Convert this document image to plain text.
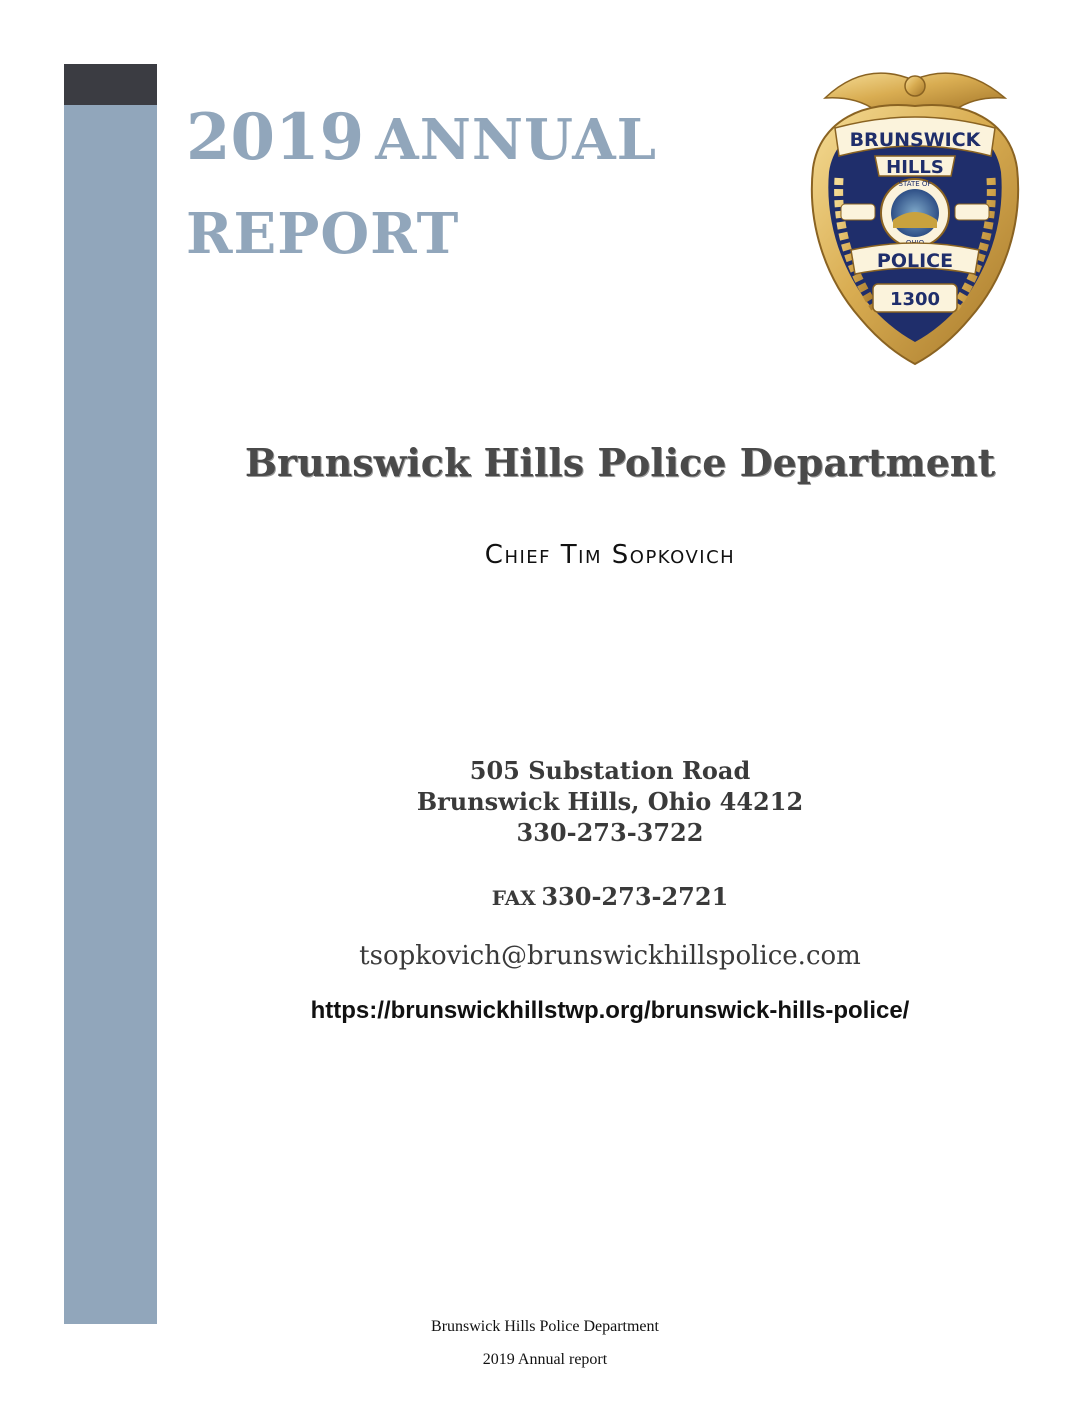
2019 ANNUAL
REPORT
BRUNSWICK
HILLS
STATE OF
POLICE
1300
Brunswick Hills Police Department
Chief Tim Sopkovich
505 Substation Road
Brunswick Hills, Ohio 44212
330-273-3722
FAX 330-273-2721
tsopkovich@brunswickhillspolice.com
https://brunswickhillstwp.org/brunswick-hills-police/
Brunswick Hills Police Department
2019 Annual report
